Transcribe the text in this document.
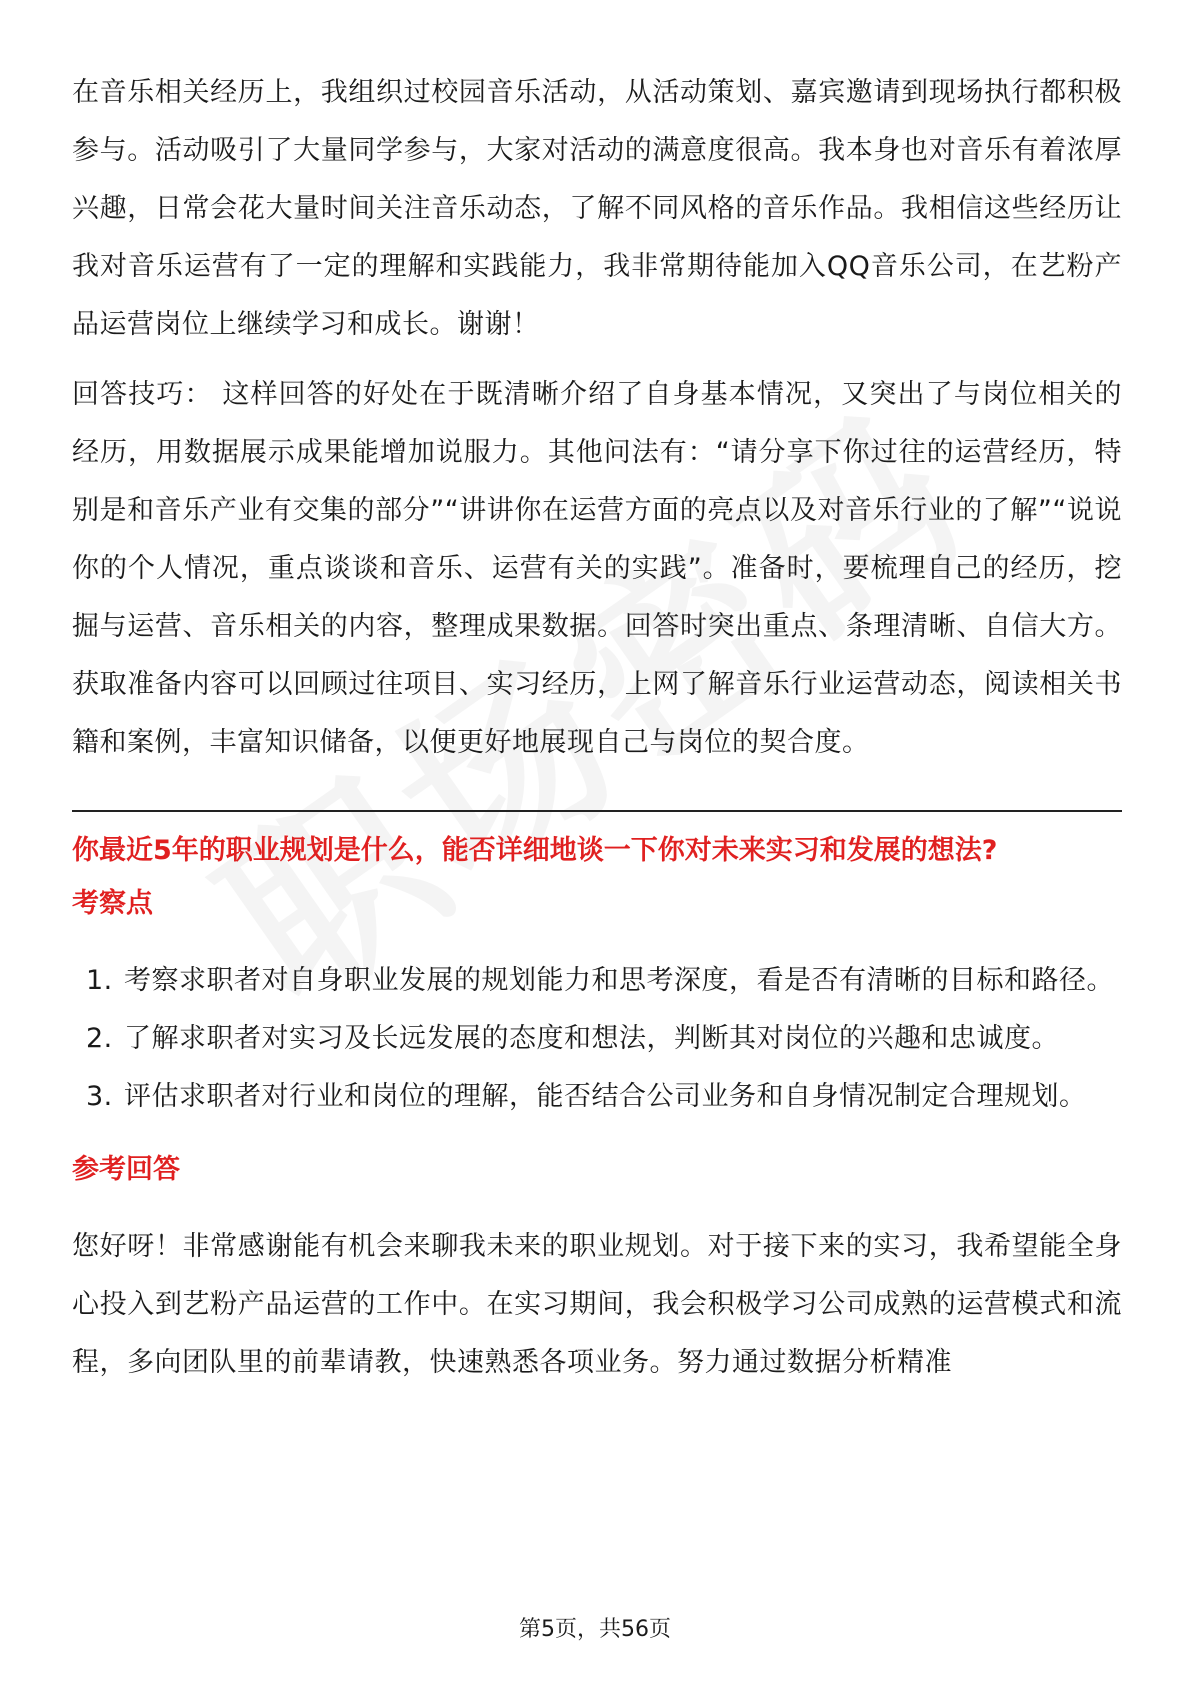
在音乐相关经历上，我组织过校园音乐活动，从活动策划、嘉宾邀请到现场执行都积极参与。活动吸引了大量同学参与，大家对活动的满意度很高。我本身也对音乐有着浓厚兴趣，日常会花大量时间关注音乐动态，了解不同风格的音乐作品。我相信这些经历让我对音乐运营有了一定的理解和实践能力，我非常期待能加入QQ音乐公司，在艺粉产品运营岗位上继续学习和成长。谢谢！

回答技巧： 这样回答的好处在于既清晰介绍了自身基本情况，又突出了与岗位相关的经历，用数据展示成果能增加说服力。其他问法有：“请分享下你过往的运营经历，特别是和音乐产业有交集的部分”“讲讲你在运营方面的亮点以及对音乐行业的了解”“说说你的个人情况，重点谈谈和音乐、运营有关的实践”。准备时，要梳理自己的经历，挖掘与运营、音乐相关的内容，整理成果数据。回答时突出重点、条理清晰、自信大方。获取准备内容可以回顾过往项目、实习经历，上网了解音乐行业运营动态，阅读相关书籍和案例，丰富知识储备，以便更好地展现自己与岗位的契合度。

你最近5年的职业规划是什么，能否详细地谈一下你对未来实习和发展的想法?

考察点

1. 考察求职者对自身职业发展的规划能力和思考深度，看是否有清晰的目标和路径。
2. 了解求职者对实习及长远发展的态度和想法，判断其对岗位的兴趣和忠诚度。
3. 评估求职者对行业和岗位的理解，能否结合公司业务和自身情况制定合理规划。

参考回答

您好呀！非常感谢能有机会来聊我未来的职业规划。对于接下来的实习，我希望能全身心投入到艺粉产品运营的工作中。在实习期间，我会积极学习公司成熟的运营模式和流程，多向团队里的前辈请教，快速熟悉各项业务。努力通过数据分析精准

第5页，共56页
